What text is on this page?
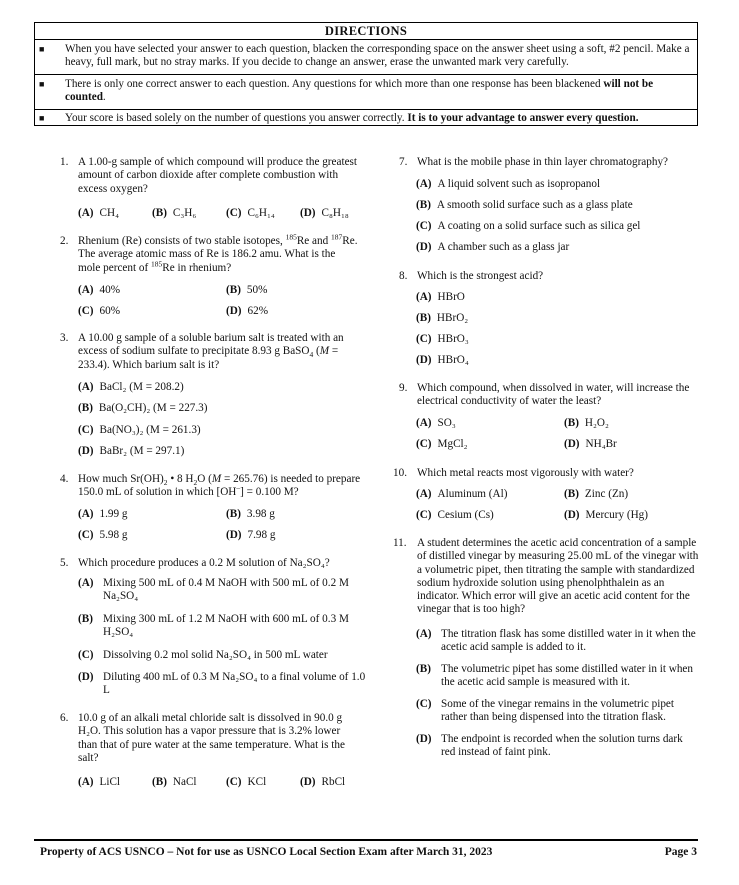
DIRECTIONS
■ When you have selected your answer to each question, blacken the corresponding space on the answer sheet using a soft, #2 pencil. Make a heavy, full mark, but no stray marks. If you decide to change an answer, erase the unwanted mark very carefully.
■ There is only one correct answer to each question. Any questions for which more than one response has been blackened will not be counted.
■ Your score is based solely on the number of questions you answer correctly. It is to your advantage to answer every question.
1. A 1.00-g sample of which compound will produce the greatest amount of carbon dioxide after complete combustion with excess oxygen?
(A) CH₄	(B) C₃H₆	(C) C₆H₁₄ (D) C₈H₁₈
2. Rhenium (Re) consists of two stable isotopes, $^{185}$Re and $^{187}$Re. The average atomic mass of Re is 186.2 amu. What is the mole percent of $^{185}$Re in rhenium?
(A) 40%	(B) 50%
(C) 60%	(D) 62%
3. A 10.00 g sample of a soluble barium salt is treated with an excess of sodium sulfate to precipitate 8.93 g BaSO$_4$ (M = 233.4). Which barium salt is it?
(A) BaCl₂ (M = 208.2)
(B) Ba(O₂CH)₂ (M = 227.3)
(C) Ba(NO₃)₂ (M = 261.3)
(D) BaBr₂ (M = 297.1)
4. How much $Sr(OH)_2$ • 8 $H_2O$ (M = 265.76) is needed to prepare 150.0 mL of solution in which [OH–] = 0.100 M?
(A) 1.99 g	(B) 3.98 g
(C) 5.98 g	(D) 7.98 g
5. Which procedure produces a 0.2 M solution of Na₂SO₄?
(A) Mixing 500 mL of 0.4 M NaOH with 500 mL of 0.2 M Na₂SO₄
(B) Mixing 300 mL of 1.2 M NaOH with 600 mL of 0.3 M H₂SO₄
(C) Dissolving 0.2 mol solid Na₂SO₄ in 500 mL water
(D) Diluting 400 mL of 0.3 M Na₂SO₄ to a final volume of 1.0 L
6. 10.0 g of an alkali metal chloride salt is dissolved in 90.0 g H₂O. This solution has a vapor pressure that is 3.2% lower than that of pure water at the same temperature. What is the salt?
(A) LiCl	(B) NaCl	(C) KCl	(D) RbCl
7. What is the mobile phase in thin layer chromatography?
(A) A liquid solvent such as isopropanol
(B) A smooth solid surface such as a glass plate
(C) A coating on a solid surface such as silica gel
(D) A chamber such as a glass jar
8. Which is the strongest acid?
(A) HBrO
(B) HBrO₂
(C) HBrO₃
(D) HBrO₄
9. Which compound, when dissolved in water, will increase the electrical conductivity of water the least?
(A) SO₃	(B) H₂O₂
(C) MgCl₂	(D) NH₄Br
10. Which metal reacts most vigorously with water?
(A) Aluminum (Al)	(B) Zinc (Zn)
(C) Cesium (Cs)	(D) Mercury (Hg)
11. A student determines the acetic acid concentration of a sample of distilled vinegar by measuring 25.00 mL of the vinegar with a volumetric pipet, then titrating the sample with standardized sodium hydroxide solution using phenolphthalein as an indicator. Which error will give an acetic acid content for the vinegar that is too high?
(A) The titration flask has some distilled water in it when the acetic acid sample is added to it.
(B) The volumetric pipet has some distilled water in it when the acetic acid sample is measured with it.
(C) Some of the vinegar remains in the volumetric pipet rather than being dispensed into the titration flask.
(D) The endpoint is recorded when the solution turns dark red instead of faint pink.
Property of ACS USNCO – Not for use as USNCO Local Section Exam after March 31, 2023	Page 3
